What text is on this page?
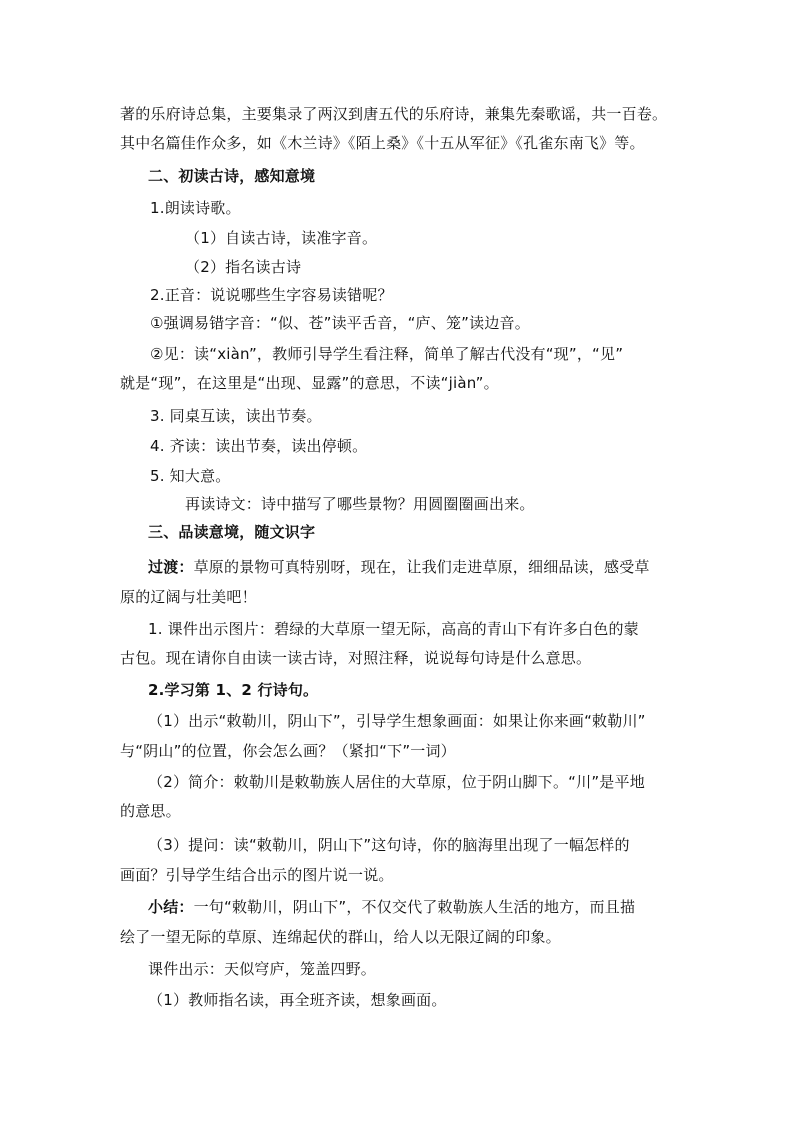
著的乐府诗总集，主要集录了两汉到唐五代的乐府诗，兼集先秦歌谣，共一百卷。

其中名篇佳作众多，如《木兰诗》《陌上桑》《十五从军征》《孔雀东南飞》等。

二、初读古诗，感知意境

1.朗读诗歌。

（1）自读古诗，读准字音。

（2）指名读古诗

2.正音：说说哪些生字容易读错呢？

①强调易错字音：“似、苍”读平舌音，“庐、笼”读边音。

②见：读“xiàn”，教师引导学生看注释，简单了解古代没有“现”，“见”

就是“现”，在这里是“出现、显露”的意思，不读“jiàn”。

3. 同桌互读，读出节奏。

4. 齐读：读出节奏，读出停顿。

5. 知大意。

再读诗文：诗中描写了哪些景物？用圆圈圈画出来。

三、品读意境，随文识字

过渡：草原的景物可真特别呀，现在，让我们走进草原，细细品读，感受草

原的辽阔与壮美吧！

1. 课件出示图片：碧绿的大草原一望无际，高高的青山下有许多白色的蒙

古包。现在请你自由读一读古诗，对照注释，说说每句诗是什么意思。

2.学习第 1、2 行诗句。

（1）出示“敕勒川，阴山下”，引导学生想象画面：如果让你来画“敕勒川”

与“阴山”的位置，你会怎么画？（紧扣“下”一词）

（2）简介：敕勒川是敕勒族人居住的大草原，位于阴山脚下。“川”是平地

的意思。

（3）提问：读“敕勒川，阴山下”这句诗，你的脑海里出现了一幅怎样的

画面？引导学生结合出示的图片说一说。

小结：一句“敕勒川，阴山下”，不仅交代了敕勒族人生活的地方，而且描

绘了一望无际的草原、连绵起伏的群山，给人以无限辽阔的印象。

课件出示：天似穹庐，笼盖四野。

（1）教师指名读，再全班齐读，想象画面。
